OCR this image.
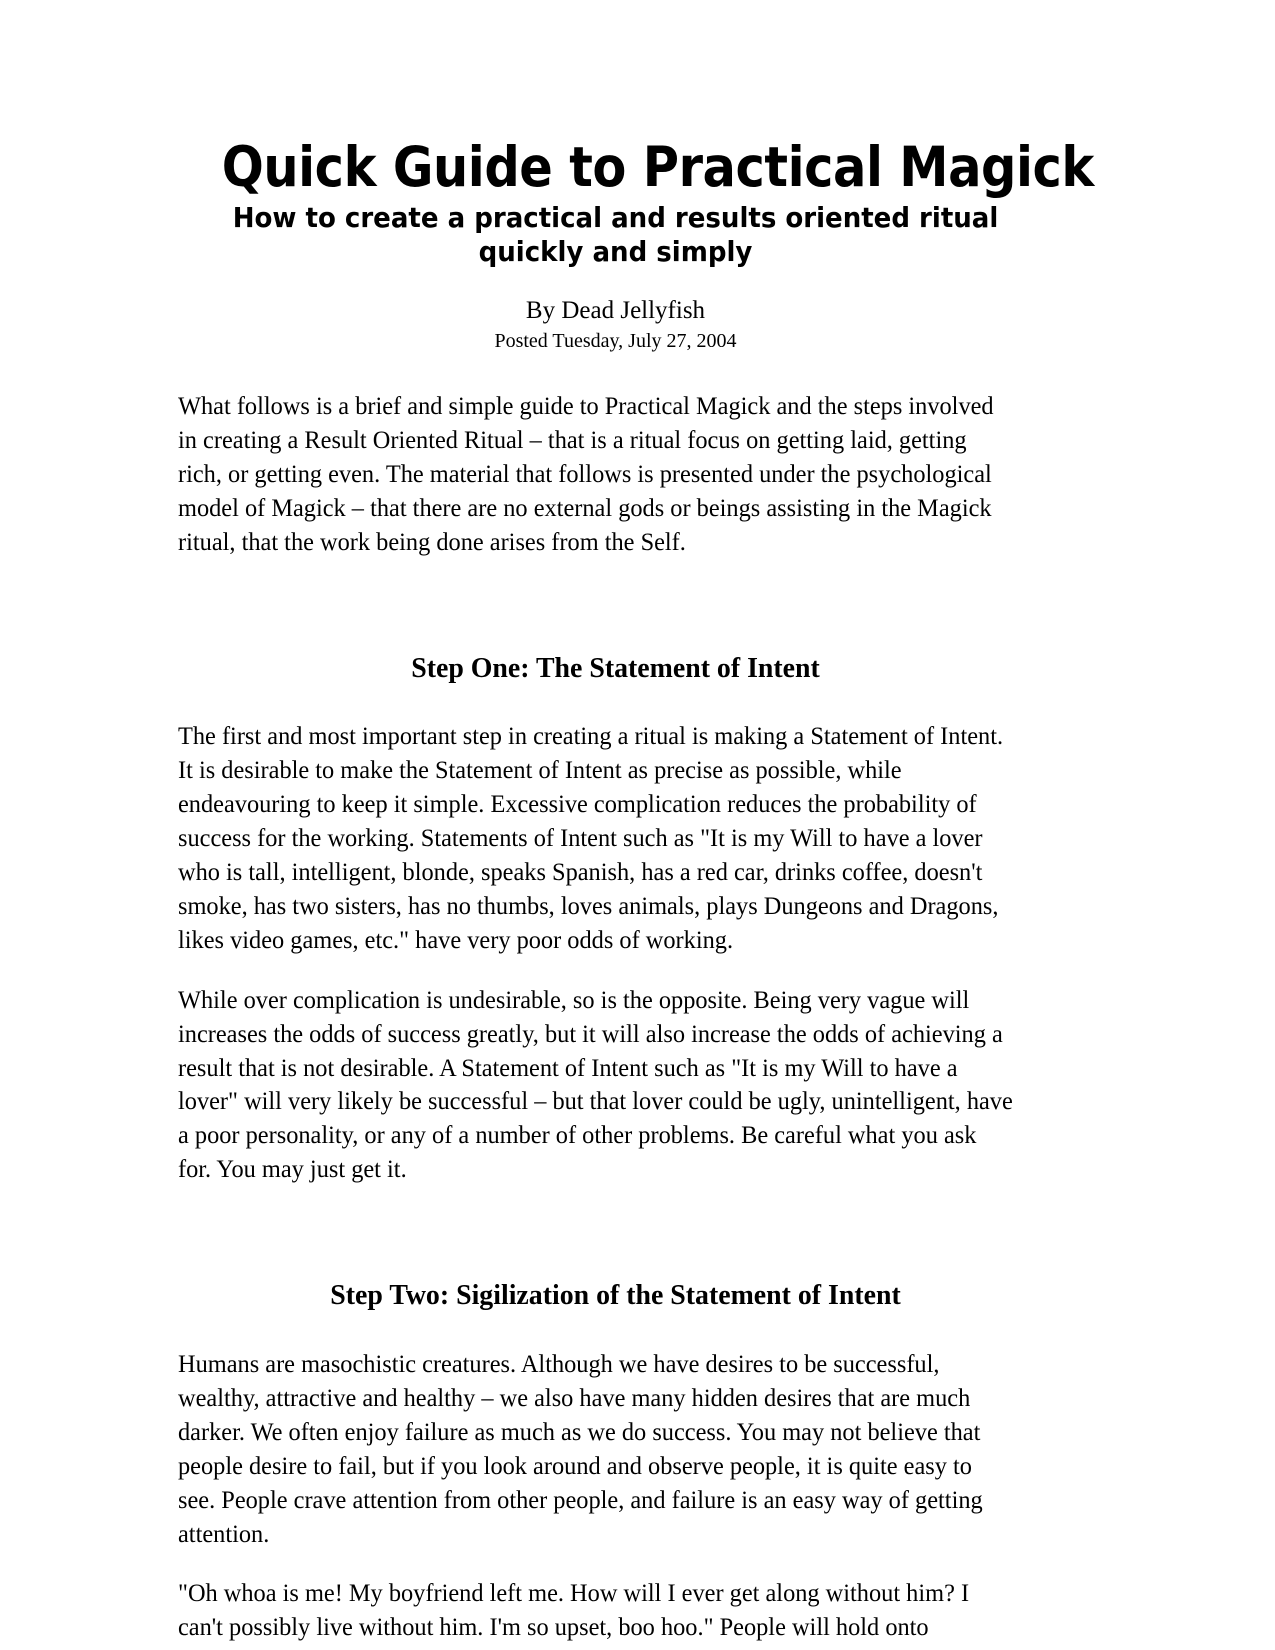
Quick Guide to Practical Magick
How to create a practical and results oriented ritual quickly and simply

By Dead Jellyfish

Posted Tuesday, July 27, 2004

What follows is a brief and simple guide to Practical Magick and the steps involved in creating a Result Oriented Ritual – that is a ritual focus on getting laid, getting rich, or getting even. The material that follows is presented under the psychological model of Magick – that there are no external gods or beings assisting in the Magick ritual, that the work being done arises from the Self.

Step One: The Statement of Intent

The first and most important step in creating a ritual is making a Statement of Intent. It is desirable to make the Statement of Intent as precise as possible, while endeavouring to keep it simple. Excessive complication reduces the probability of success for the working. Statements of Intent such as "It is my Will to have a lover who is tall, intelligent, blonde, speaks Spanish, has a red car, drinks coffee, doesn't smoke, has two sisters, has no thumbs, loves animals, plays Dungeons and Dragons, likes video games, etc." have very poor odds of working.

While over complication is undesirable, so is the opposite. Being very vague will increases the odds of success greatly, but it will also increase the odds of achieving a result that is not desirable. A Statement of Intent such as "It is my Will to have a lover" will very likely be successful – but that lover could be ugly, unintelligent, have a poor personality, or any of a number of other problems. Be careful what you ask for. You may just get it.

Step Two: Sigilization of the Statement of Intent

Humans are masochistic creatures. Although we have desires to be successful, wealthy, attractive and healthy – we also have many hidden desires that are much darker. We often enjoy failure as much as we do success. You may not believe that people desire to fail, but if you look around and observe people, it is quite easy to see. People crave attention from other people, and failure is an easy way of getting attention.

"Oh whoa is me! My boyfriend left me. How will I ever get along without him? I can't possibly live without him. I'm so upset, boo hoo." People will hold onto
